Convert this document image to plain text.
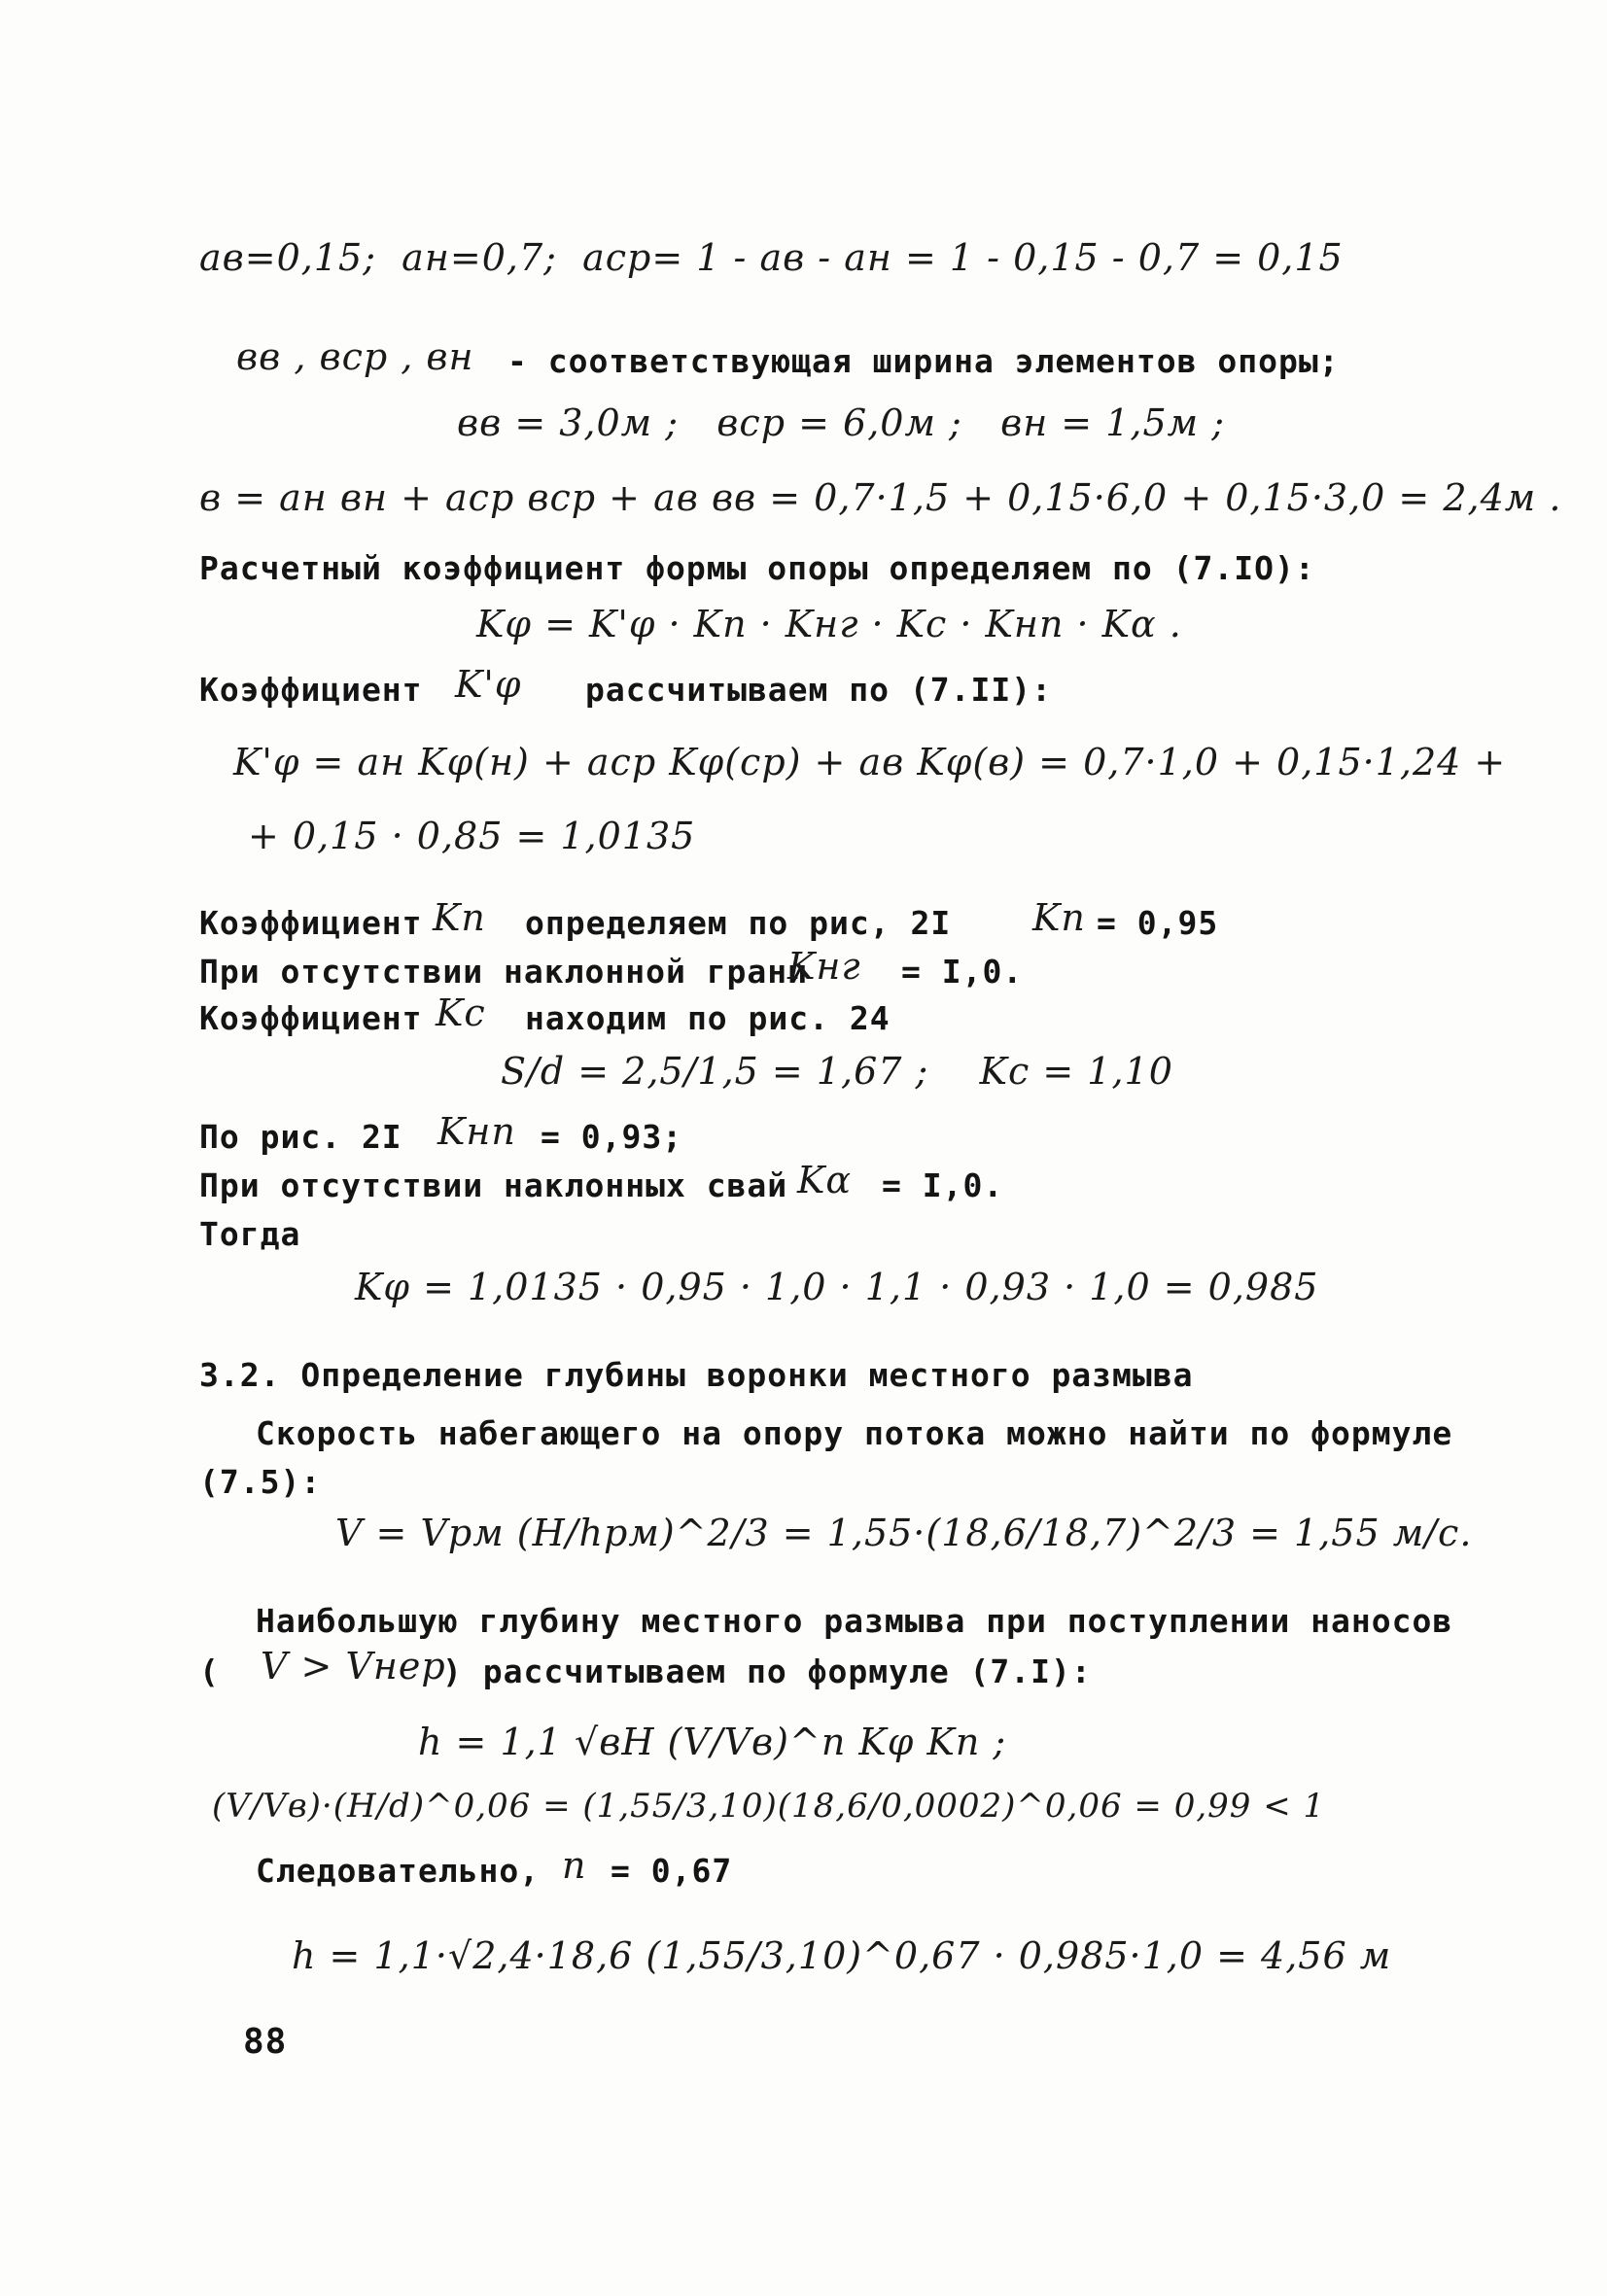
aв=0,15;  aн=0,7;  aср= 1 - aв - aн = 1 - 0,15 - 0,7 = 0,15
вв , вср , вн - соответствующая ширина элементов опоры;
вв = 3,0м ;   вср = 6,0м ;   вн = 1,5м ;
в = aн вн + aср вср + aв вв = 0,7·1,5 + 0,15·6,0 + 0,15·3,0 = 2,4м .
Расчетный коэффициент формы опоры определяем по (7.IO):
Kφ = K'φ · Kп · Kнг · Kс · Kнп · Kα .
Коэффициент K'φ рассчитываем по (7.II):
K'φ = aн Kφ(н) + aср Kφ(ср) + aв Kφ(в) = 0,7·1,0 + 0,15·1,24 +
+ 0,15 · 0,85 = 1,0135
Коэффициент Kп определяем по рис, 2I Kп = 0,95
При отсутствии наклонной грани
Kнг = I,0.
Коэффициент Kс находим по рис. 24
S/d = 2,5/1,5 = 1,67 ;    Kс = 1,10
По рис. 2I Kнп = 0,93;
При отсутствии наклонных свай Kα = I,0.
Тогда
Kφ = 1,0135 · 0,95 · 1,0 · 1,1 · 0,93 · 1,0 = 0,985
3.2. Определение глубины воронки местного размыва
Скорость набегающего на опору потока можно найти по формуле
(7.5):
V = Vрм (H/hрм)^2/3 = 1,55·(18,6/18,7)^2/3 = 1,55 м/с.
Наибольшую глубину местного размыва при поступлении наносов
( V > Vнер
) рассчитываем по формуле (7.I):
h = 1,1 √вH (V/Vв)^n Kφ Kп ;
(V/Vв)·(H/d)^0,06 = (1,55/3,10)(18,6/0,0002)^0,06 = 0,99 < 1
Следовательно, n = 0,67
h = 1,1·√2,4·18,6 (1,55/3,10)^0,67 · 0,985·1,0 = 4,56 м
88
